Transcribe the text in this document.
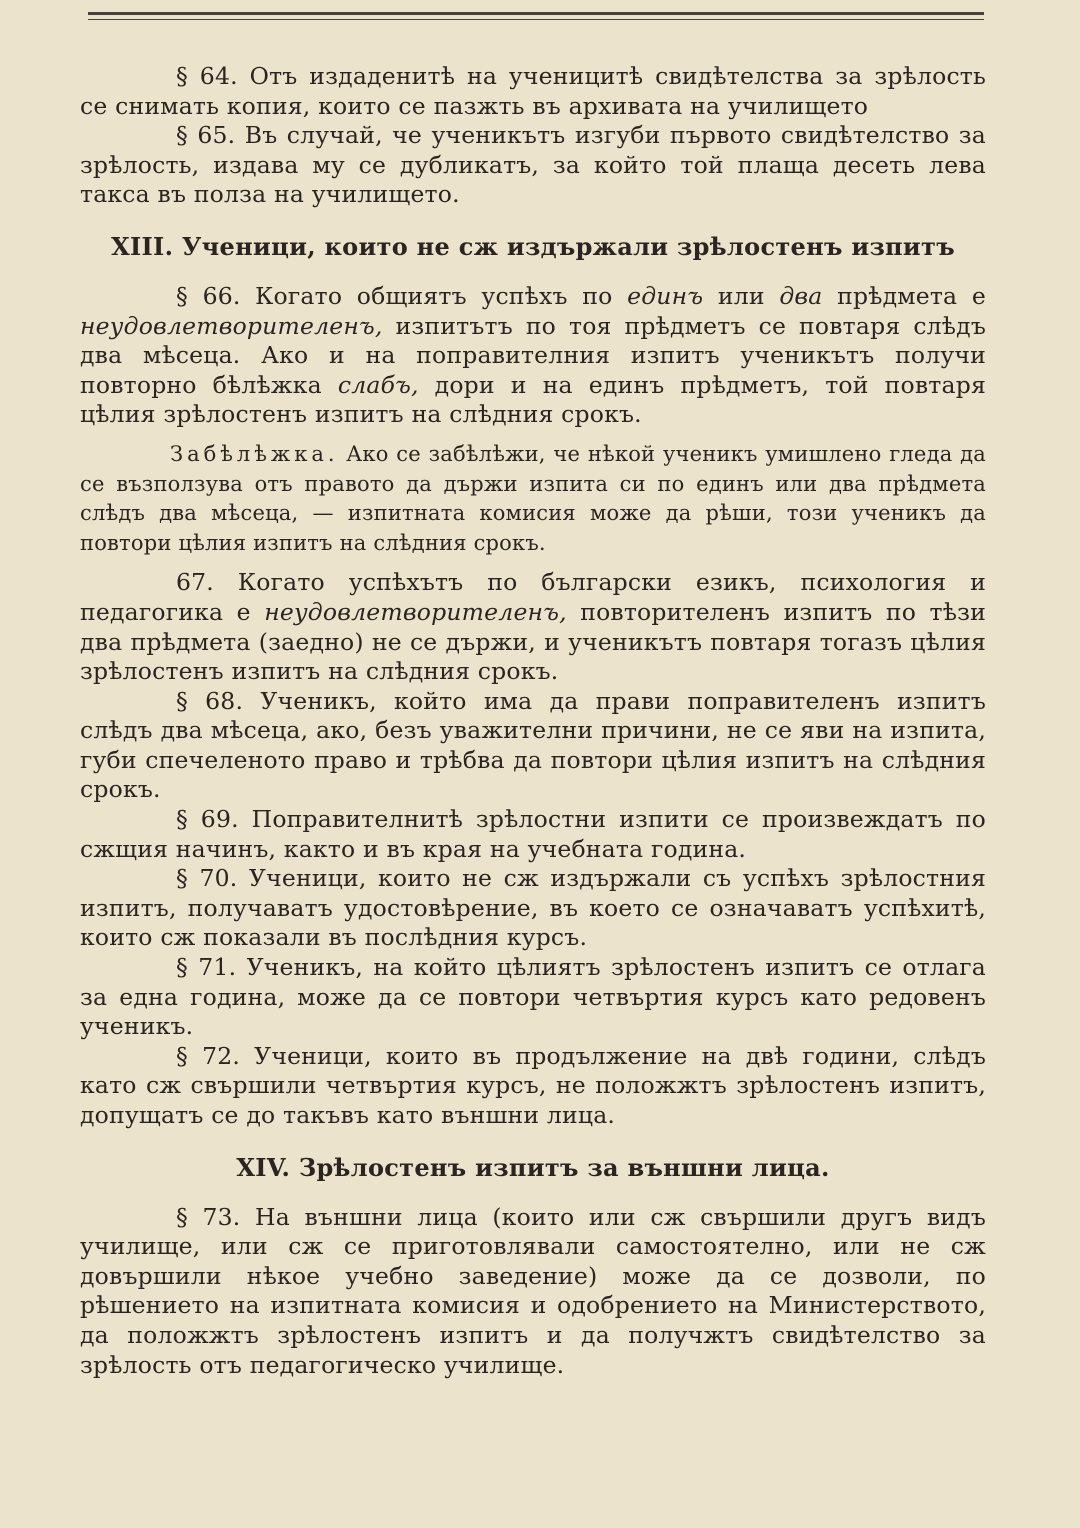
§ 64. Отъ издаденитѣ на ученицитѣ свидѣтелства за зрѣлость се снимать копия, които се пазжть въ архивата на училището

§ 65. Въ случай, че ученикътъ изгуби първото свидѣтелство за зрѣлость, издава му се дубликатъ, за който той плаща десеть лева такса въ полза на училището.

XIII. Ученици, които не сж издържали зрѣлостенъ изпитъ

§ 66. Когато общиятъ успѣхъ по единъ или два прѣдмета е неудовлетворителенъ, изпитътъ по тоя прѣдметъ се повтаря слѣдъ два мѣсеца. Ако и на поправителния изпитъ ученикътъ получи повторно бѣлѣжка слабъ, дори и на единъ прѣдметъ, той повтаря цѣлия зрѣлостенъ изпитъ на слѣдния срокъ.

Забѣлѣжка. Ако се забѣлѣжи, че нѣкой ученикъ умишлено гледа да се възползува отъ правото да държи изпита си по единъ или два прѣдмета слѣдъ два мѣсеца, — изпитната комисия може да рѣши, този ученикъ да повтори цѣлия изпитъ на слѣдния срокъ.

67. Когато успѣхътъ по български езикъ, психология и педагогика е неудовлетворителенъ, повторителенъ изпитъ по тѣзи два прѣдмета (заедно) не се държи, и ученикътъ повтаря тогазъ цѣлия зрѣлостенъ изпитъ на слѣдния срокъ.

§ 68. Ученикъ, който има да прави поправителенъ изпитъ слѣдъ два мѣсеца, ако, безъ уважителни причини, не се яви на изпита, губи спечеленото право и трѣбва да повтори цѣлия изпитъ на слѣдния срокъ.

§ 69. Поправителнитѣ зрѣлостни изпити се произвеждатъ по сжщия начинъ, както и въ края на учебната година.

§ 70. Ученици, които не сж издържали съ успѣхъ зрѣлостния изпитъ, получаватъ удостовѣрение, въ което се означаватъ успѣхитѣ, които сж показали въ послѣдния курсъ.

§ 71. Ученикъ, на който цѣлиятъ зрѣлостенъ изпитъ се отлага за една година, може да се повтори четвъртия курсъ като редовенъ ученикъ.

§ 72. Ученици, които въ продължение на двѣ години, слѣдъ като сж свършили четвъртия курсъ, не положжтъ зрѣлостенъ изпитъ, допущатъ се до такъвъ като външни лица.

XIV. Зрѣлостенъ изпитъ за външни лица.

§ 73. На външни лица (които или сж свършили другъ видъ училище, или сж се приготовлявали самостоятелно, или не сж довършили нѣкое учебно заведение) може да се дозволи, по рѣшението на изпитната комисия и одобрението на Министерството, да положжтъ зрѣлостенъ изпитъ и да получжтъ свидѣтелство за зрѣлость отъ педагогическо училище.
